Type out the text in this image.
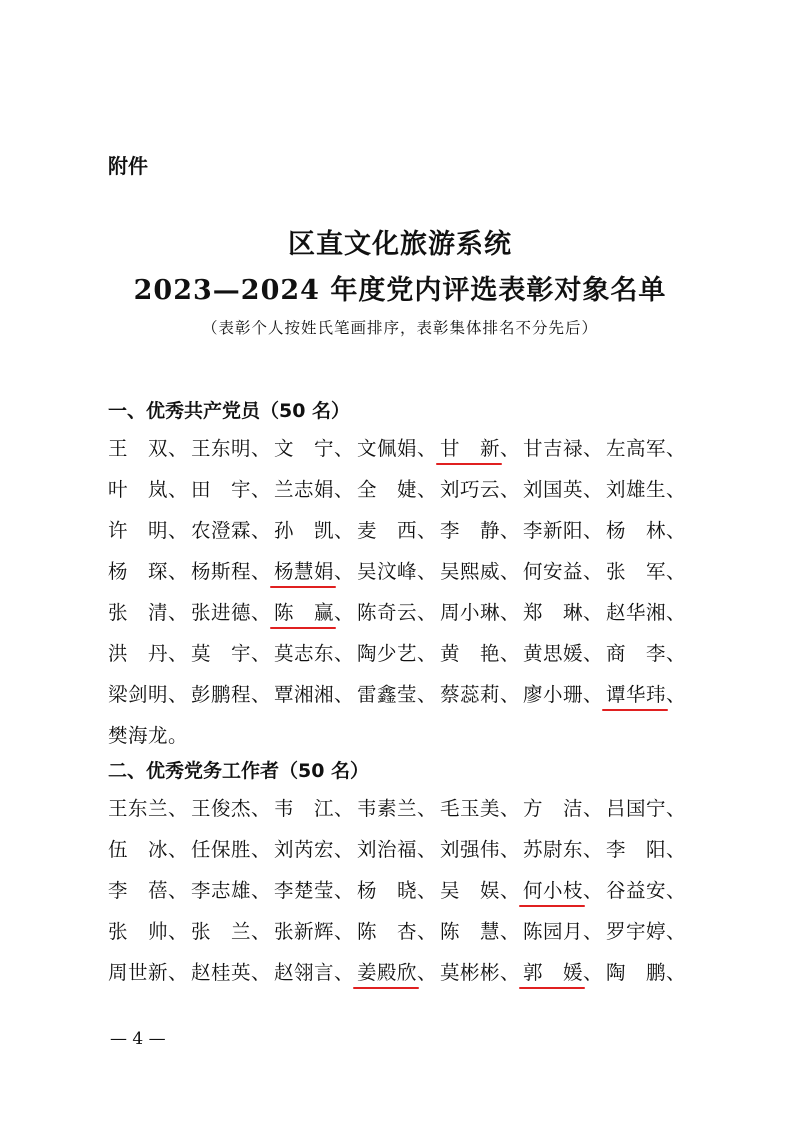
附件
区直文化旅游系统
2023—2024 年度党内评选表彰对象名单
（表彰个人按姓氏笔画排序，表彰集体排名不分先后）
一、优秀共产党员（50 名）
王　双、 王东明、 文　宁、 文佩娟、 甘　新、 甘吉禄、 左高军、
叶　岚、 田　宇、 兰志娟、 全　婕、 刘巧云、 刘国英、 刘雄生、
许　明、 农澄霖、 孙　凯、 麦　西、 李　静、 李新阳、 杨　林、
杨　琛、 杨斯程、 杨慧娟、 吴汶峰、 吴熙威、 何安益、 张　军、
张　清、 张进德、 陈　赢、 陈奇云、 周小琳、 郑　琳、 赵华湘、
洪　丹、 莫　宇、 莫志东、 陶少艺、 黄　艳、 黄思媛、 商　李、
梁剑明、 彭鹏程、 覃湘湘、 雷鑫莹、 蔡蕊莉、 廖小珊、 谭华玮、
樊海龙。
二、优秀党务工作者（50 名）
王东兰、 王俊杰、 韦　江、 韦素兰、 毛玉美、 方　洁、 吕国宁、
伍　冰、 任保胜、 刘芮宏、 刘治福、 刘强伟、 苏尉东、 李　阳、
李　蓓、 李志雄、 李楚莹、 杨　晓、 吴　娱、 何小枝、 谷益安、
张　帅、 张　兰、 张新辉、 陈　杏、 陈　慧、 陈园月、 罗宇婷、
周世新、 赵桂英、 赵翎言、 姜殿欣、 莫彬彬、 郭　媛、 陶　鹏、
— 4 —
